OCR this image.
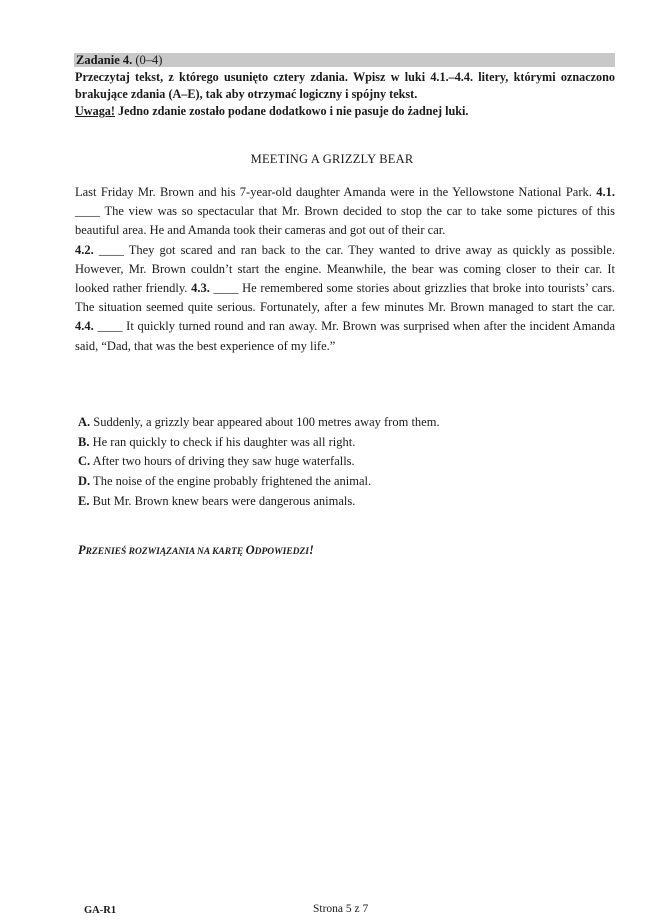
Zadanie 4. (0–4)
Przeczytaj tekst, z którego usunięto cztery zdania. Wpisz w luki 4.1.–4.4. litery, którymi oznaczono brakujące zdania (A–E), tak aby otrzymać logiczny i spójny tekst.
Uwaga! Jedno zdanie zostało podane dodatkowo i nie pasuje do żadnej luki.
MEETING A GRIZZLY BEAR

Last Friday Mr. Brown and his 7-year-old daughter Amanda were in the Yellowstone National Park. 4.1. ____ The view was so spectacular that Mr. Brown decided to stop the car to take some pictures of this beautiful area. He and Amanda took their cameras and got out of their car.
4.2. ____ They got scared and ran back to the car. They wanted to drive away as quickly as possible. However, Mr. Brown couldn’t start the engine. Meanwhile, the bear was coming closer to their car. It looked rather friendly. 4.3. ____ He remembered some stories about grizzlies that broke into tourists’ cars. The situation seemed quite serious. Fortunately, after a few minutes Mr. Brown managed to start the car. 4.4. ____ It quickly turned round and ran away. Mr. Brown was surprised when after the incident Amanda said, “Dad, that was the best experience of my life.”

A. Suddenly, a grizzly bear appeared about 100 metres away from them.
B. He ran quickly to check if his daughter was all right.
C. After two hours of driving they saw huge waterfalls.
D. The noise of the engine probably frightened the animal.
E. But Mr. Brown knew bears were dangerous animals.
PRZENIEŚ ROZWIĄZANIA NA KARTĘ ODPOWIEDZI!
GA-R1	Strona 5 z 7
